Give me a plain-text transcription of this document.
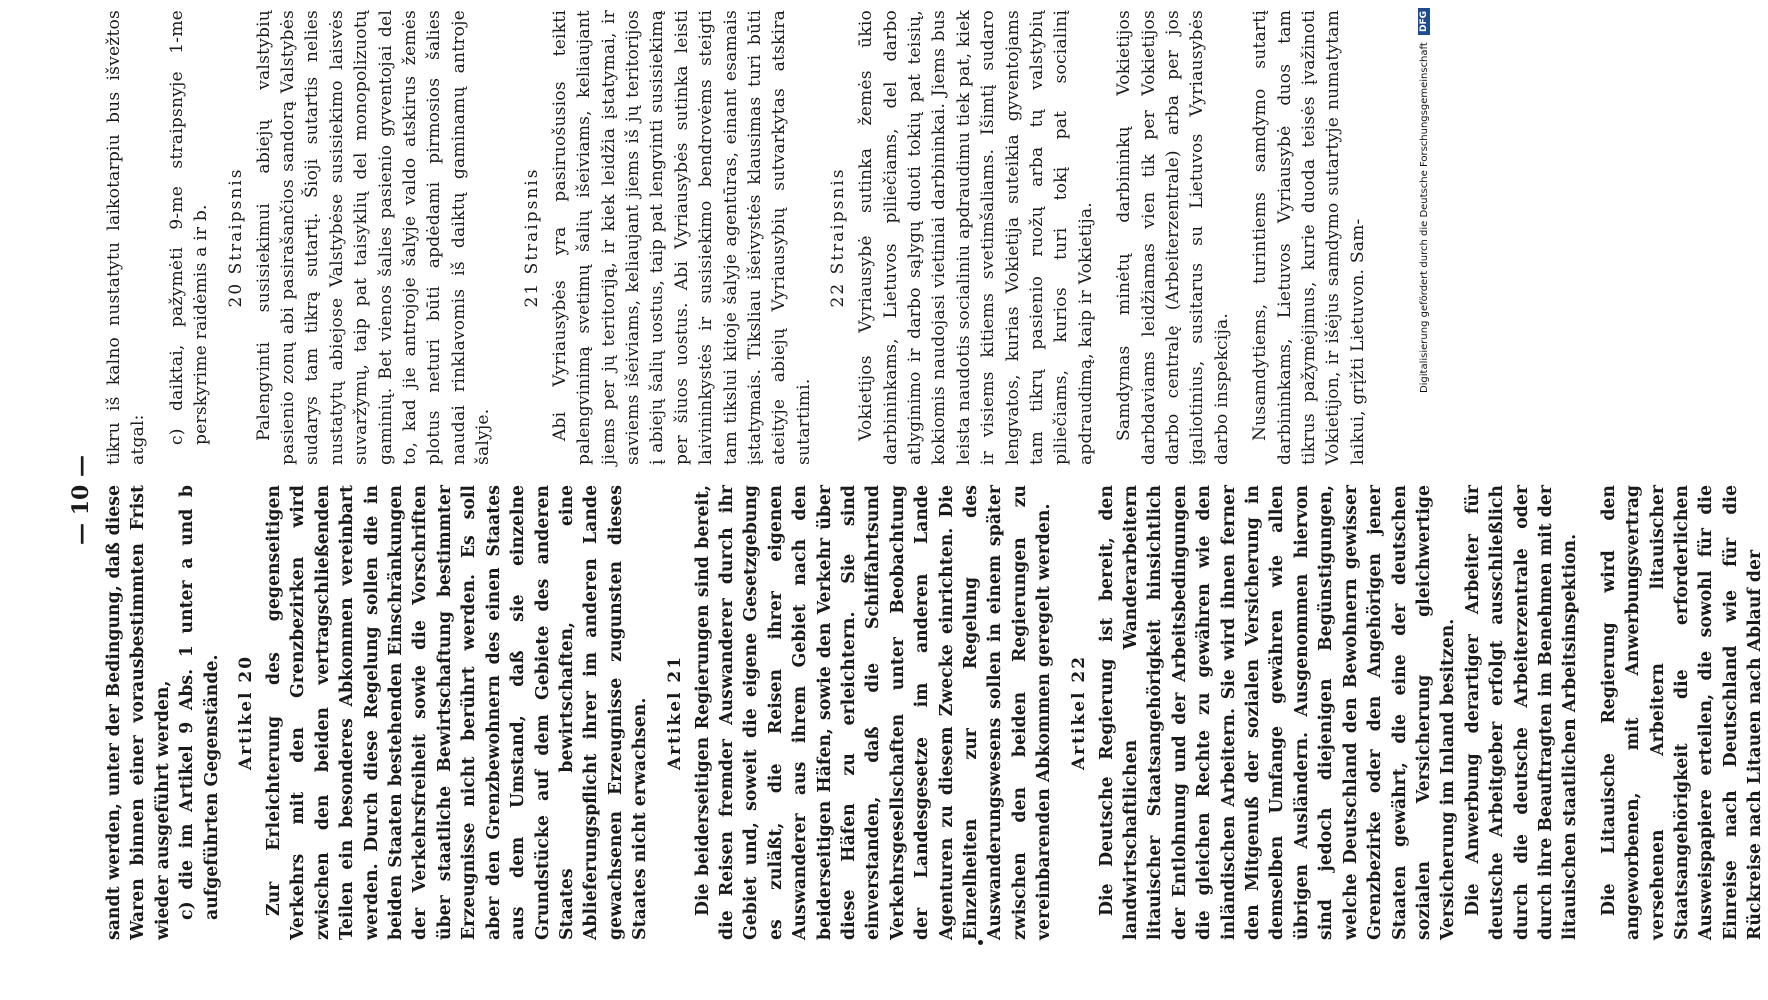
— 10 — sandt werden, unter der Bedingung, daß diese Waren binnen einer vorausbestimmten Frist wieder ausgeführt werden, c) die im Artikel 9 Abs. 1 unter a und b aufgeführten Gegenstände. Artikel 20 Zur Erleichterung des gegenseitigen Verkehrs mit den Grenzbezirken wird zwischen den beiden vertragschließenden Teilen ein besonderes Abkommen vereinbart werden. Durch diese Regelung sollen die in beiden Staaten bestehenden Einschränkungen der Verkehrsfreiheit sowie die Vorschriften über staatliche Bewirtschaftung bestimmter Erzeugnisse nicht berührt werden. Es soll aber den Grenzbewohnern des einen Staates aus dem Umstand, daß sie einzelne Grundstücke auf dem Gebiete des anderen Staates bewirtschaften, eine Ablieferungspflicht ihrer im anderen Lande gewachsenen Erzeugnisse zugunsten dieses Staates nicht erwachsen. Artikel 21 Die beiderseitigen Regierungen sind bereit, die Reisen fremder Auswanderer durch ihr Gebiet und, soweit die eigene Gesetzgebung es zuläßt, die Reisen ihrer eigenen Auswanderer aus ihrem Gebiet nach den beiderseitigen Häfen, sowie den Verkehr über diese Häfen zu erleichtern. Sie sind einverstanden, daß die Schiffahrtsund Verkehrsgesellschaften unter Beobachtung der Landesgesetze im anderen Lande Agenturen zu diesem Zwecke einrichten. Die Einzelheiten zur Regelung des Auswanderungswesens sollen in einem später zwischen den beiden Regierungen zu vereinbarenden Abkommen geregelt werden. Artikel 22 Die Deutsche Regierung ist bereit, den landwirtschaftlichen Wanderarbeitern litauischer Staatsangehörigkeit hinsichtlich der Entlohnung und der Arbeitsbedingungen die gleichen Rechte zu gewähren wie den inländischen Arbeitern. Sie wird ihnen ferner den Mitgenuß der sozialen Versicherung in demselben Umfange gewähren wie allen übrigen Ausländern. Ausgenommen hiervon sind jedoch diejenigen Begünstigungen, welche Deutschland den Bewohnern gewisser Grenzbezirke oder den Angehörigen jener Staaten gewährt, die eine der deutschen sozialen Versicherung gleichwertige Versicherung im Inland besitzen. Die Anwerbung derartiger Arbeiter für deutsche Arbeitgeber erfolgt ausschließlich durch die deutsche Arbeiterzentrale oder durch ihre Beauftragten im Benehmen mit der litauischen staatlichen Arbeitsinspektion. Die Litauische Regierung wird den angeworbenen, mit Anwerbungsvertrag versehenen Arbeitern litauischer Staatsangehörigkeit die erforderlichen Ausweispapiere erteilen, die sowohl für die Einreise nach Deutschland wie für die Rückreise nach Litauen nach Ablauf der

tikru iš kalno nustatytu laikotarpiu bus išvežtos atgal: c) daiktai, pažymėti 9-me straipsnyje 1-me perskyrime raidėmis a ir b. 20 Straipsnis Palengvinti susisiekimui abiejų valstybių pasienio zonų abi pasirašančios sandorą Valstybės sudarys tam tikrą sutartį. Šioji sutartis nelies nustatytų abiejose Valstybėse susisiekimo laisvės suvaržymų, taip pat taisyklių del monopolizuotų gaminių. Bet vienos šalies pasienio gyventojai del to, kad jie antrojoje šalyje valdo atskirus žemės plotus neturi būti apdėdami pirmosios šalies naudai rinklavomis iš daiktų gaminamų antroje šalyje.

21 Straipsnis Abi Vyriausybės yra pasiruošusios teikti palengvinimą svetimų šalių išeiviams, keliaujant jiems per jų teritoriją, ir kiek leidžia įstatymai, ir saviems išeiviams, keliaujant jiems iš jų teritorijos į abiejų šalių uostus, taip pat lengvinti susisiekimą per šiuos uostus. Abi Vyriausybės sutinka leisti laivininkystės ir susisiekimo bendrovėms steigti tam tikslui kitoje šalyje agentūras, einant esamais įstatymais. Tiksliau išeivystės klausimas turi būti ateityje abiejų Vyriausybių sutvarkytas atskira sutartimi.

22 Straipsnis Vokietijos Vyriausybė sutinka žemės ūkio darbininkams, Lietuvos piliečiams, del darbo atlyginimo ir darbo sąlygų duoti tokių pat teisių, kokiomis naudojasi vietiniai darbininkai. Jiems bus leista naudotis socialiniu apdraudimu tiek pat, kiek ir visiems kitiems svetimšaliams. Išimtį sudaro lengvatos, kurias Vokietija suteikia gyventojams tam tikrų pasienio ruožų arba tų valstybių piliečiams, kurios turi tokį pat socialinį apdraudimą, kaip ir Vokietija. Samdymas minėtų darbininkų Vokietijos darbdaviams leidžiamas vien tik per Vokietijos darbo centralę (Arbeiterzentrale) arba per jos įgaliotinius, susitarus su Lietuvos Vyriausybės darbo inspekcija. Nusamdytiems, turintiems samdymo sutartį darbininkams, Lietuvos Vyriausybė duos tam tikrus pažymėjimus, kurie duoda teisės įvažinoti Vokietijon, ir išėjus samdymo sutartyje numatytam laikui, grįžti Lietuvon. Sam-	Digitalisierung gefördert durch die Deutsche Forschungsgemeinschaft DFG
